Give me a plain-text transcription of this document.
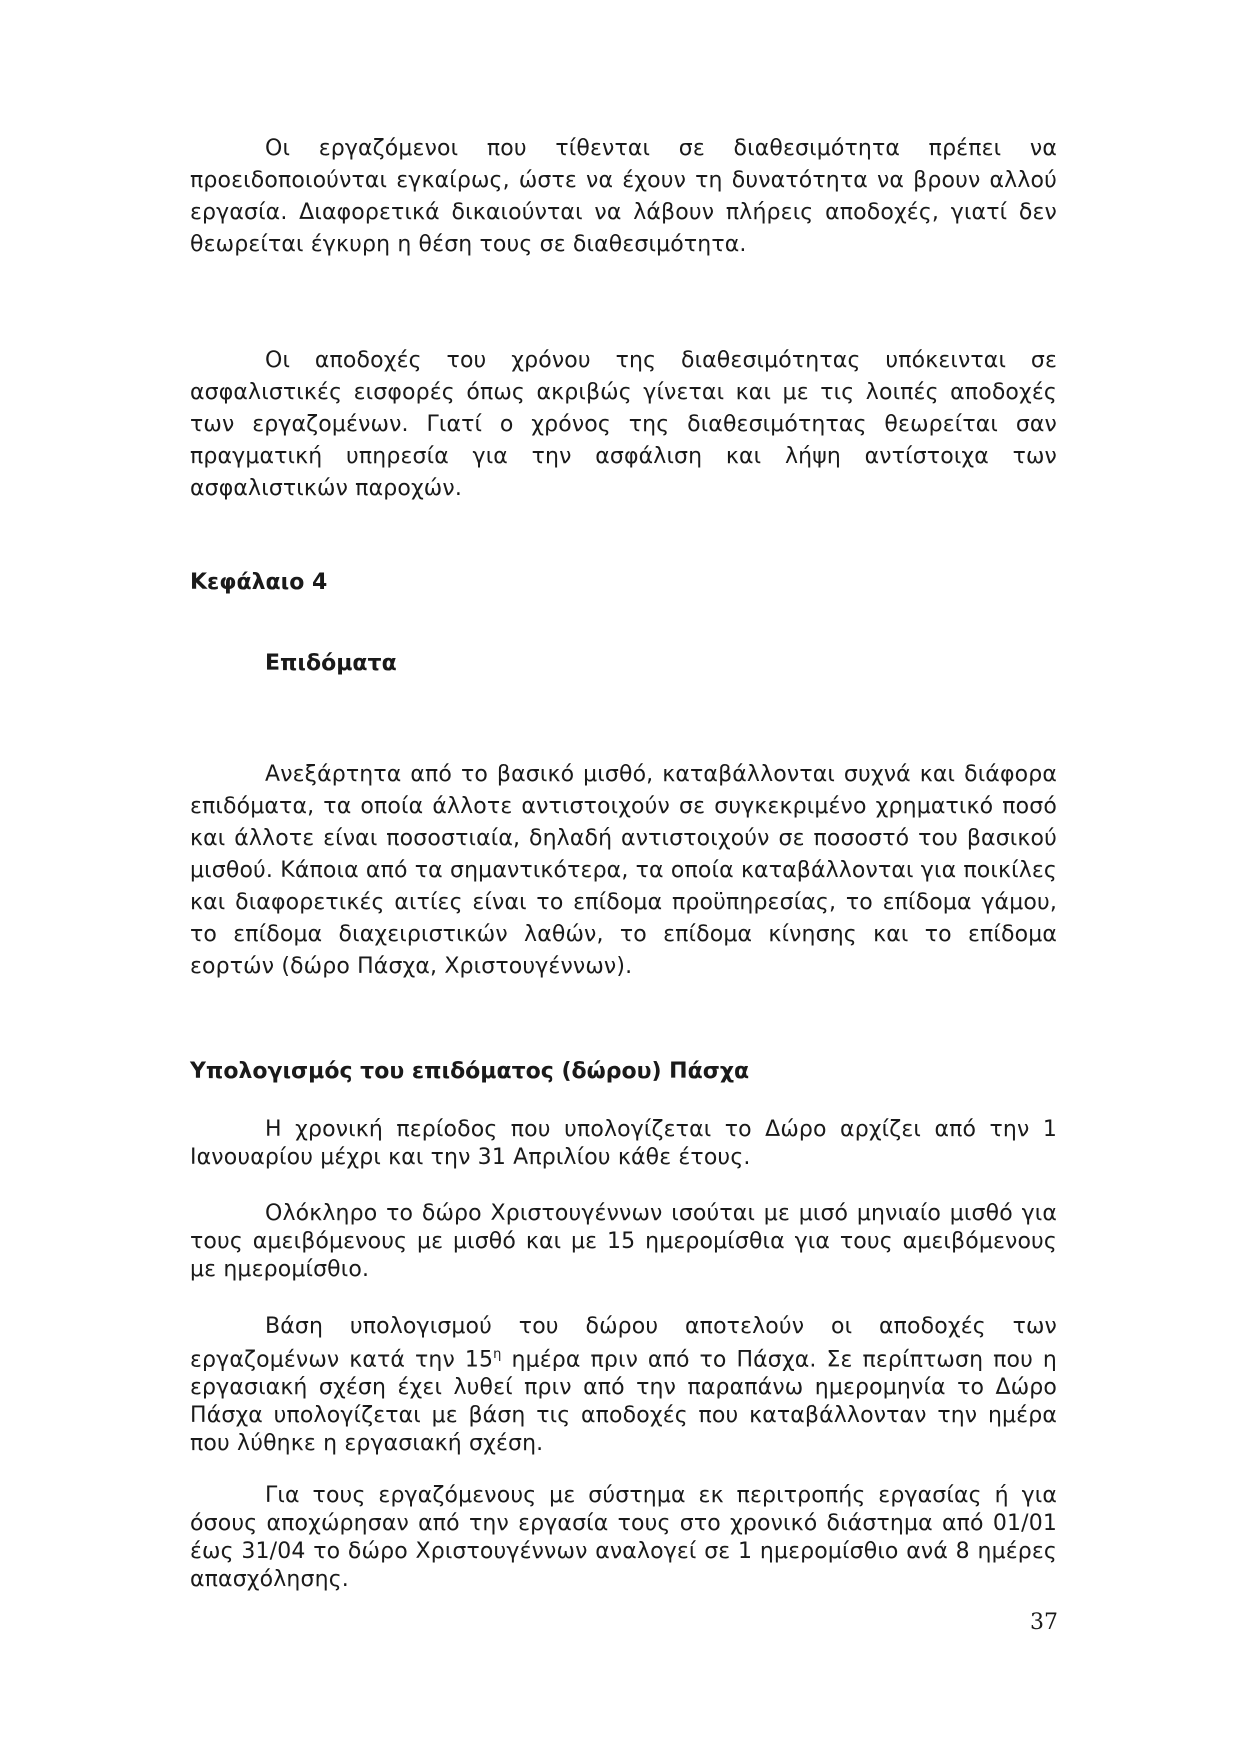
Οι εργαζόμενοι που τίθενται σε διαθεσιμότητα πρέπει να προειδοποιούνται εγκαίρως, ώστε να έχουν τη δυνατότητα να βρουν αλλού εργασία. Διαφορετικά δικαιούνται να λάβουν πλήρεις αποδοχές, γιατί δεν θεωρείται έγκυρη η θέση τους σε διαθεσιμότητα.

Οι αποδοχές του χρόνου της διαθεσιμότητας υπόκεινται σε ασφαλιστικές εισφορές όπως ακριβώς γίνεται και με τις λοιπές αποδοχές των εργαζομένων. Γιατί ο χρόνος της διαθεσιμότητας θεωρείται σαν πραγματική υπηρεσία για την ασφάλιση και λήψη αντίστοιχα των ασφαλιστικών παροχών.

Κεφάλαιο 4
Επιδόματα

Ανεξάρτητα από το βασικό μισθό, καταβάλλονται συχνά και διάφορα επιδόματα, τα οποία άλλοτε αντιστοιχούν σε συγκεκριμένο χρηματικό ποσό και άλλοτε είναι ποσοστιαία, δηλαδή αντιστοιχούν σε ποσοστό του βασικού μισθού. Κάποια από τα σημαντικότερα, τα οποία καταβάλλονται για ποικίλες και διαφορετικές αιτίες είναι το επίδομα προϋπηρεσίας, το επίδομα γάμου, το επίδομα διαχειριστικών λαθών, το επίδομα κίνησης και το επίδομα εορτών (δώρο Πάσχα, Χριστουγέννων).

Υπολογισμός του επιδόματος (δώρου) Πάσχα

Η χρονική περίοδος που υπολογίζεται το Δώρο αρχίζει από την 1 Ιανουαρίου μέχρι και την 31 Απριλίου κάθε έτους.

Ολόκληρο το δώρο Χριστουγέννων ισούται με μισό μηνιαίο μισθό για τους αμειβόμενους με μισθό και με 15 ημερομίσθια για τους αμειβόμενους με ημερομίσθιο.

Βάση υπολογισμού του δώρου αποτελούν οι αποδοχές των εργαζομένων κατά την $15^\eta$ ημέρα πριν από το Πάσχα. Σε περίπτωση που η εργασιακή σχέση έχει λυθεί πριν από την παραπάνω ημερομηνία το Δώρο Πάσχα υπολογίζεται με βάση τις αποδοχές που καταβάλλονταν την ημέρα που λύθηκε η εργασιακή σχέση.

Για τους εργαζόμενους με σύστημα εκ περιτροπής εργασίας ή για όσους αποχώρησαν από την εργασία τους στο χρονικό διάστημα από 01/01 έως 31/04 το δώρο Χριστουγέννων αναλογεί σε 1 ημερομίσθιο ανά 8 ημέρες απασχόλησης.

37
